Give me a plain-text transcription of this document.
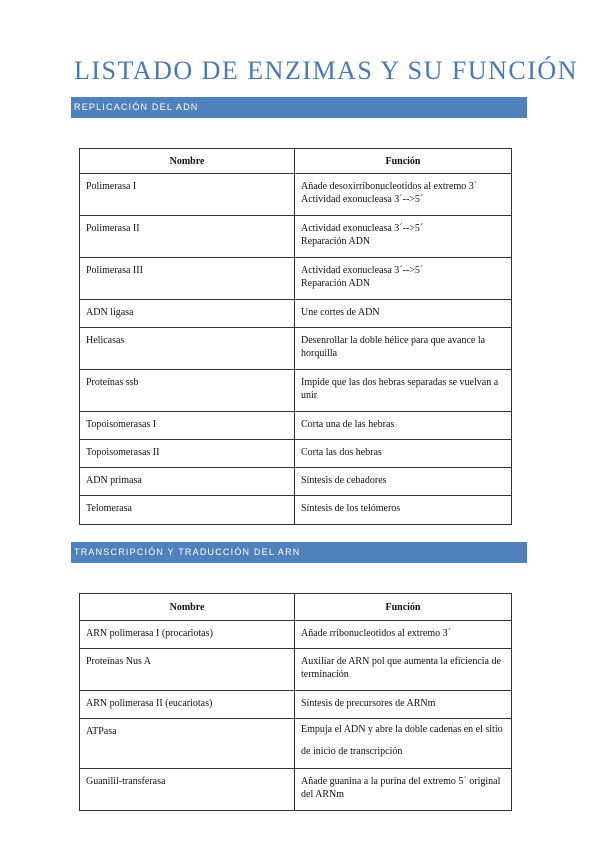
LISTADO DE ENZIMAS Y SU FUNCIÓN
REPLICACIÓN DEL ADN
Nombre	Función
Polimerasa I	Añade desoxirribonucleotidos al extremo 3´
Actividad exonucleasa 3´-->5´
Polimerasa II	Actividad exonucleasa 3´-->5´
Reparación ADN
Polimerasa III	Actividad exonucleasa 3´-->5´
Reparación ADN
ADN ligasa	Une cortes de ADN
Helicasas	Desenrollar la doble hélice para que avance la horquilla
Proteínas ssb	Impide que las dos hebras separadas se vuelvan a unir
Topoisomerasas I	Corta una de las hebras
Topoisomerasas II	Corta las dos hebras
ADN primasa	Síntesis de cebadores
Telomerasa	Síntesis de los telómeros
TRANSCRIPCIÓN Y TRADUCCIÓN DEL ARN
Nombre	Función
ARN polimerasa I (procariotas)	Añade rribonucleotidos al extremo 3´
Proteínas Nus A	Auxiliar de ARN pol que aumenta la eficiencia de terminación
ARN polimerasa II (eucariotas)	Síntesis de precursores de ARNm
ATPasa	Empuja el ADN y abre la doble cadenas en el sitio de inicio de transcripción
Guanilil-transferasa	Añade guanina a la purina del extremo 5´ original del ARNm
